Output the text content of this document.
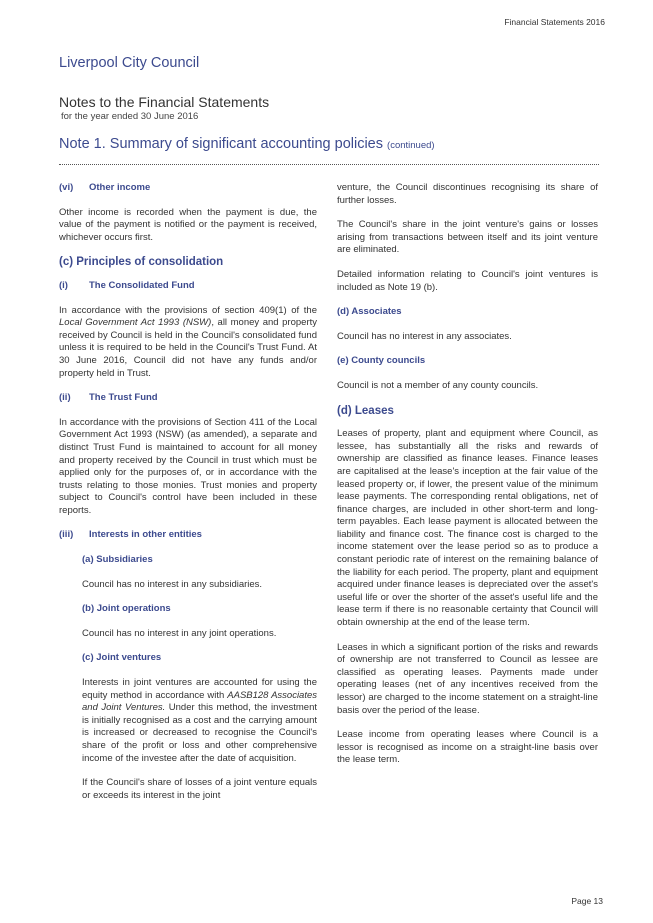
Financial Statements 2016
Liverpool City Council
Notes to the Financial Statements
for the year ended 30 June 2016
Note 1. Summary of significant accounting policies (continued)
(vi) Other income

Other income is recorded when the payment is due, the value of the payment is notified or the payment is received, whichever occurs first.

(c) Principles of consolidation
(i) The Consolidated Fund

In accordance with the provisions of section 409(1) of the Local Government Act 1993 (NSW), all money and property received by Council is held in the Council's consolidated fund unless it is required to be held in the Council's Trust Fund. At 30 June 2016, Council did not have any funds and/or property held in Trust.

(ii) The Trust Fund

In accordance with the provisions of Section 411 of the Local Government Act 1993 (NSW) (as amended), a separate and distinct Trust Fund is maintained to account for all money and property received by the Council in trust which must be applied only for the purposes of, or in accordance with the trusts relating to those monies. Trust monies and property subject to Council's control have been included in these reports.

(iii) Interests in other entities
(a) Subsidiaries

Council has no interest in any subsidiaries.

(b) Joint operations

Council has no interest in any joint operations.

(c) Joint ventures

Interests in joint ventures are accounted for using the equity method in accordance with AASB128 Associates and Joint Ventures. Under this method, the investment is initially recognised as a cost and the carrying amount is increased or decreased to recognise the Council's share of the profit or loss and other comprehensive income of the investee after the date of acquisition.

If the Council's share of losses of a joint venture equals or exceeds its interest in the joint

venture, the Council discontinues recognising its share of further losses.

The Council's share in the joint venture's gains or losses arising from transactions between itself and its joint venture are eliminated.

Detailed information relating to Council's joint ventures is included as Note 19 (b).

(d) Associates

Council has no interest in any associates.

(e) County councils

Council is not a member of any county councils.

(d) Leases

Leases of property, plant and equipment where Council, as lessee, has substantially all the risks and rewards of ownership are classified as finance leases. Finance leases are capitalised at the lease's inception at the fair value of the leased property or, if lower, the present value of the minimum lease payments. The corresponding rental obligations, net of finance charges, are included in other short-term and long-term payables. Each lease payment is allocated between the liability and finance cost. The finance cost is charged to the income statement over the lease period so as to produce a constant periodic rate of interest on the remaining balance of the liability for each period. The property, plant and equipment acquired under finance leases is depreciated over the asset's useful life or over the shorter of the asset's useful life and the lease term if there is no reasonable certainty that Council will obtain ownership at the end of the lease term.

Leases in which a significant portion of the risks and rewards of ownership are not transferred to Council as lessee are classified as operating leases. Payments made under operating leases (net of any incentives received from the lessor) are charged to the income statement on a straight-line basis over the period of the lease.

Lease income from operating leases where Council is a lessor is recognised as income on a straight-line basis over the lease term.

Page 13
